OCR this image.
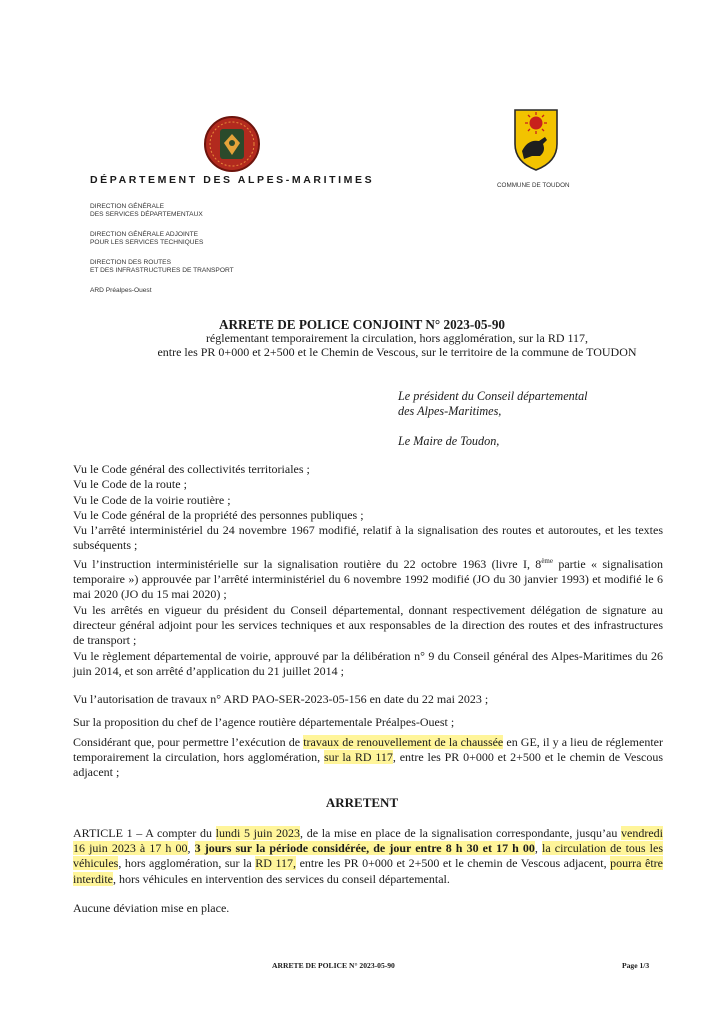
DÉPARTEMENT DES ALPES-MARITIMES	COMMUNE DE TOUDON
DIRECTION GÉNÉRALE
DES SERVICES DÉPARTEMENTAUX
DIRECTION GÉNÉRALE ADJOINTE
POUR LES SERVICES TECHNIQUES
DIRECTION DES ROUTES
ET DES INFRASTRUCTURES DE TRANSPORT
ARD Préalpes-Ouest
ARRETE DE POLICE CONJOINT N° 2023-05-90
réglementant temporairement la circulation, hors agglomération, sur la RD 117,
entre les PR 0+000 et 2+500 et le Chemin de Vescous, sur le territoire de la commune de TOUDON
Le président du Conseil départemental
des Alpes-Maritimes,
Le Maire de Toudon,

Vu le Code général des collectivités territoriales ;

Vu le Code de la route ;

Vu le Code de la voirie routière ;

Vu le Code général de la propriété des personnes publiques ;

Vu l’arrêté interministériel du 24 novembre 1967 modifié, relatif à la signalisation des routes et autoroutes, et les textes subséquents ;

Vu l’instruction interministérielle sur la signalisation routière du 22 octobre 1963 (livre I, 8ème partie « signalisation temporaire ») approuvée par l’arrêté interministériel du 6 novembre 1992 modifié (JO du 30 janvier 1993) et modifié le 6 mai 2020 (JO du 15 mai 2020) ;

Vu les arrêtés en vigueur du président du Conseil départemental, donnant respectivement délégation de signature au directeur général adjoint pour les services techniques et aux responsables de la direction des routes et des infrastructures de transport ;

Vu le règlement départemental de voirie, approuvé par la délibération n° 9 du Conseil général des Alpes-Maritimes du 26 juin 2014, et son arrêté d’application du 21 juillet 2014 ;

Vu l’autorisation de travaux n° ARD PAO-SER-2023-05-156 en date du 22 mai 2023 ;
Sur la proposition du chef de l’agence routière départementale Préalpes-Ouest ;

Considérant que, pour permettre l’exécution de travaux de renouvellement de la chaussée en GE, il y a lieu de réglementer temporairement la circulation, hors agglomération, sur la RD 117, entre les PR 0+000 et 2+500 et le chemin de Vescous adjacent ;

ARRETENT

ARTICLE 1 – A compter du lundi 5 juin 2023, de la mise en place de la signalisation correspondante, jusqu’au vendredi 16 juin 2023 à 17 h 00, 3 jours sur la période considérée, de jour entre 8 h 30 et 17 h 00, la circulation de tous les véhicules, hors agglomération, sur la RD 117, entre les PR 0+000 et 2+500 et le chemin de Vescous adjacent, pourra être interdite, hors véhicules en intervention des services du conseil départemental.

Aucune déviation mise en place.
ARRETE DE POLICE N° 2023-05-90	Page 1/3
